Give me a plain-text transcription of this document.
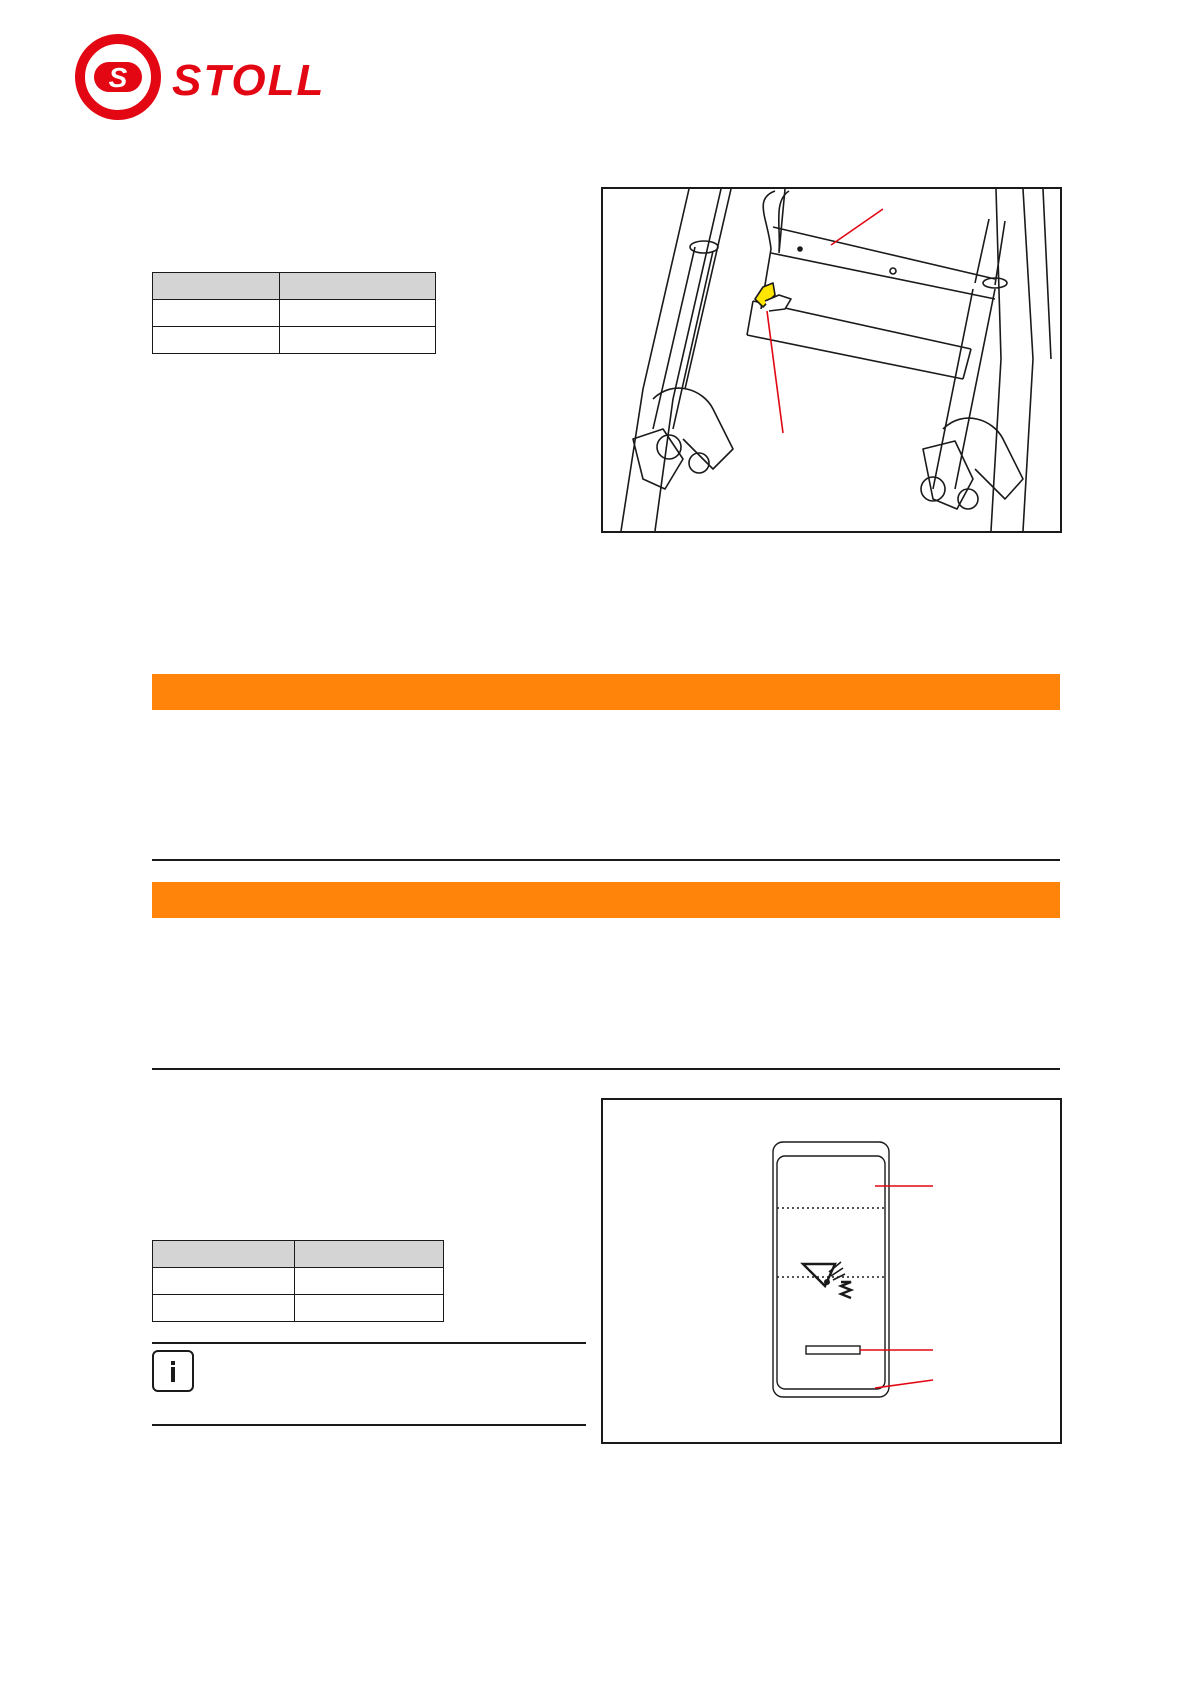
S STOLL
